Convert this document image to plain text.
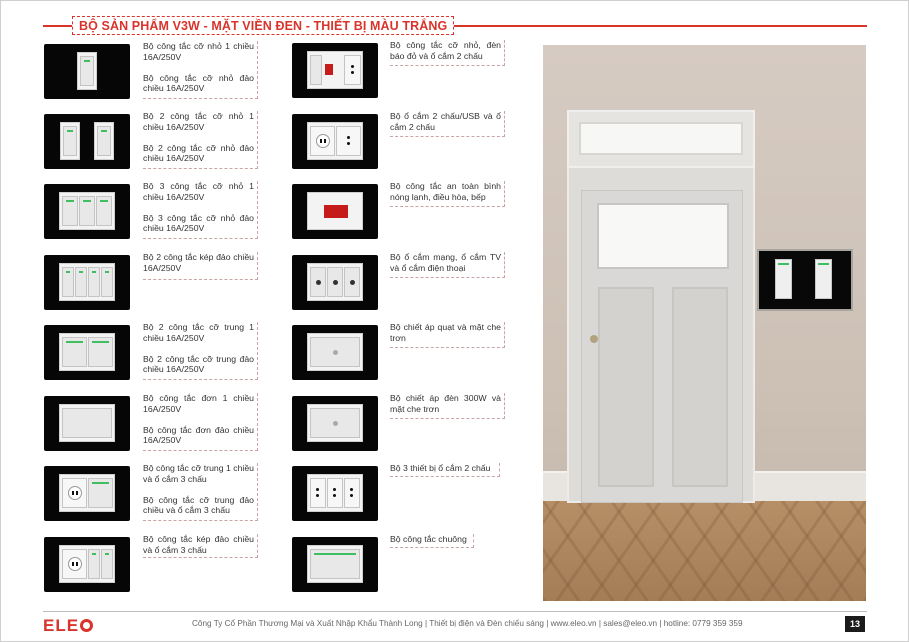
BỘ SẢN PHẨM V3W - MẶT VIỀN ĐEN - THIẾT BỊ MÀU TRẮNG

Bộ công tắc cỡ nhỏ 1 chiều 16A/250V

Bộ công tắc cỡ nhỏ đảo chiều 16A/250V

Bộ 2 công tắc cỡ nhỏ 1 chiều 16A/250V

Bộ 2 công tắc cỡ nhỏ đảo chiều 16A/250V

Bộ 3 công tắc cỡ nhỏ 1 chiều 16A/250V

Bộ 3 công tắc cỡ nhỏ đảo chiều 16A/250V

Bộ 2 công tắc kép đảo chiều 16A/250V

Bộ 2 công tắc cỡ trung 1 chiều 16A/250V

Bộ 2 công tắc cỡ trung đảo chiều 16A/250V

Bộ công tắc đơn 1 chiều 16A/250V

Bộ công tắc đơn đảo chiều 16A/250V

Bộ công tắc cỡ trung 1 chiều và ổ cắm 3 chấu

Bộ công tắc cỡ trung đảo chiều và ổ cắm 3 chấu

Bộ công tắc kép đảo chiều và ổ cắm 3 chấu

Bộ công tắc cỡ nhỏ, đèn báo đỏ và ổ cắm 2 chấu

Bộ ổ cắm 2 chấu/USB và ổ cắm 2 chấu

Bộ công tắc an toàn bình nóng lạnh, điều hòa, bếp

Bộ ổ cắm mạng, ổ cắm TV và ổ cắm điện thoại

Bộ chiết áp quạt và mặt che trơn

Bộ chiết áp đèn 300W và mặt che trơn

Bộ 3 thiết bị ổ cắm 2 chấu

Bộ công tắc chuông

ELE	Công Ty Cổ Phần Thương Mại và Xuất Nhập Khẩu Thành Long | Thiết bị điện và Đèn chiếu sáng | www.eleo.vn | sales@eleo.vn | hotline: 0779 359 359	13
